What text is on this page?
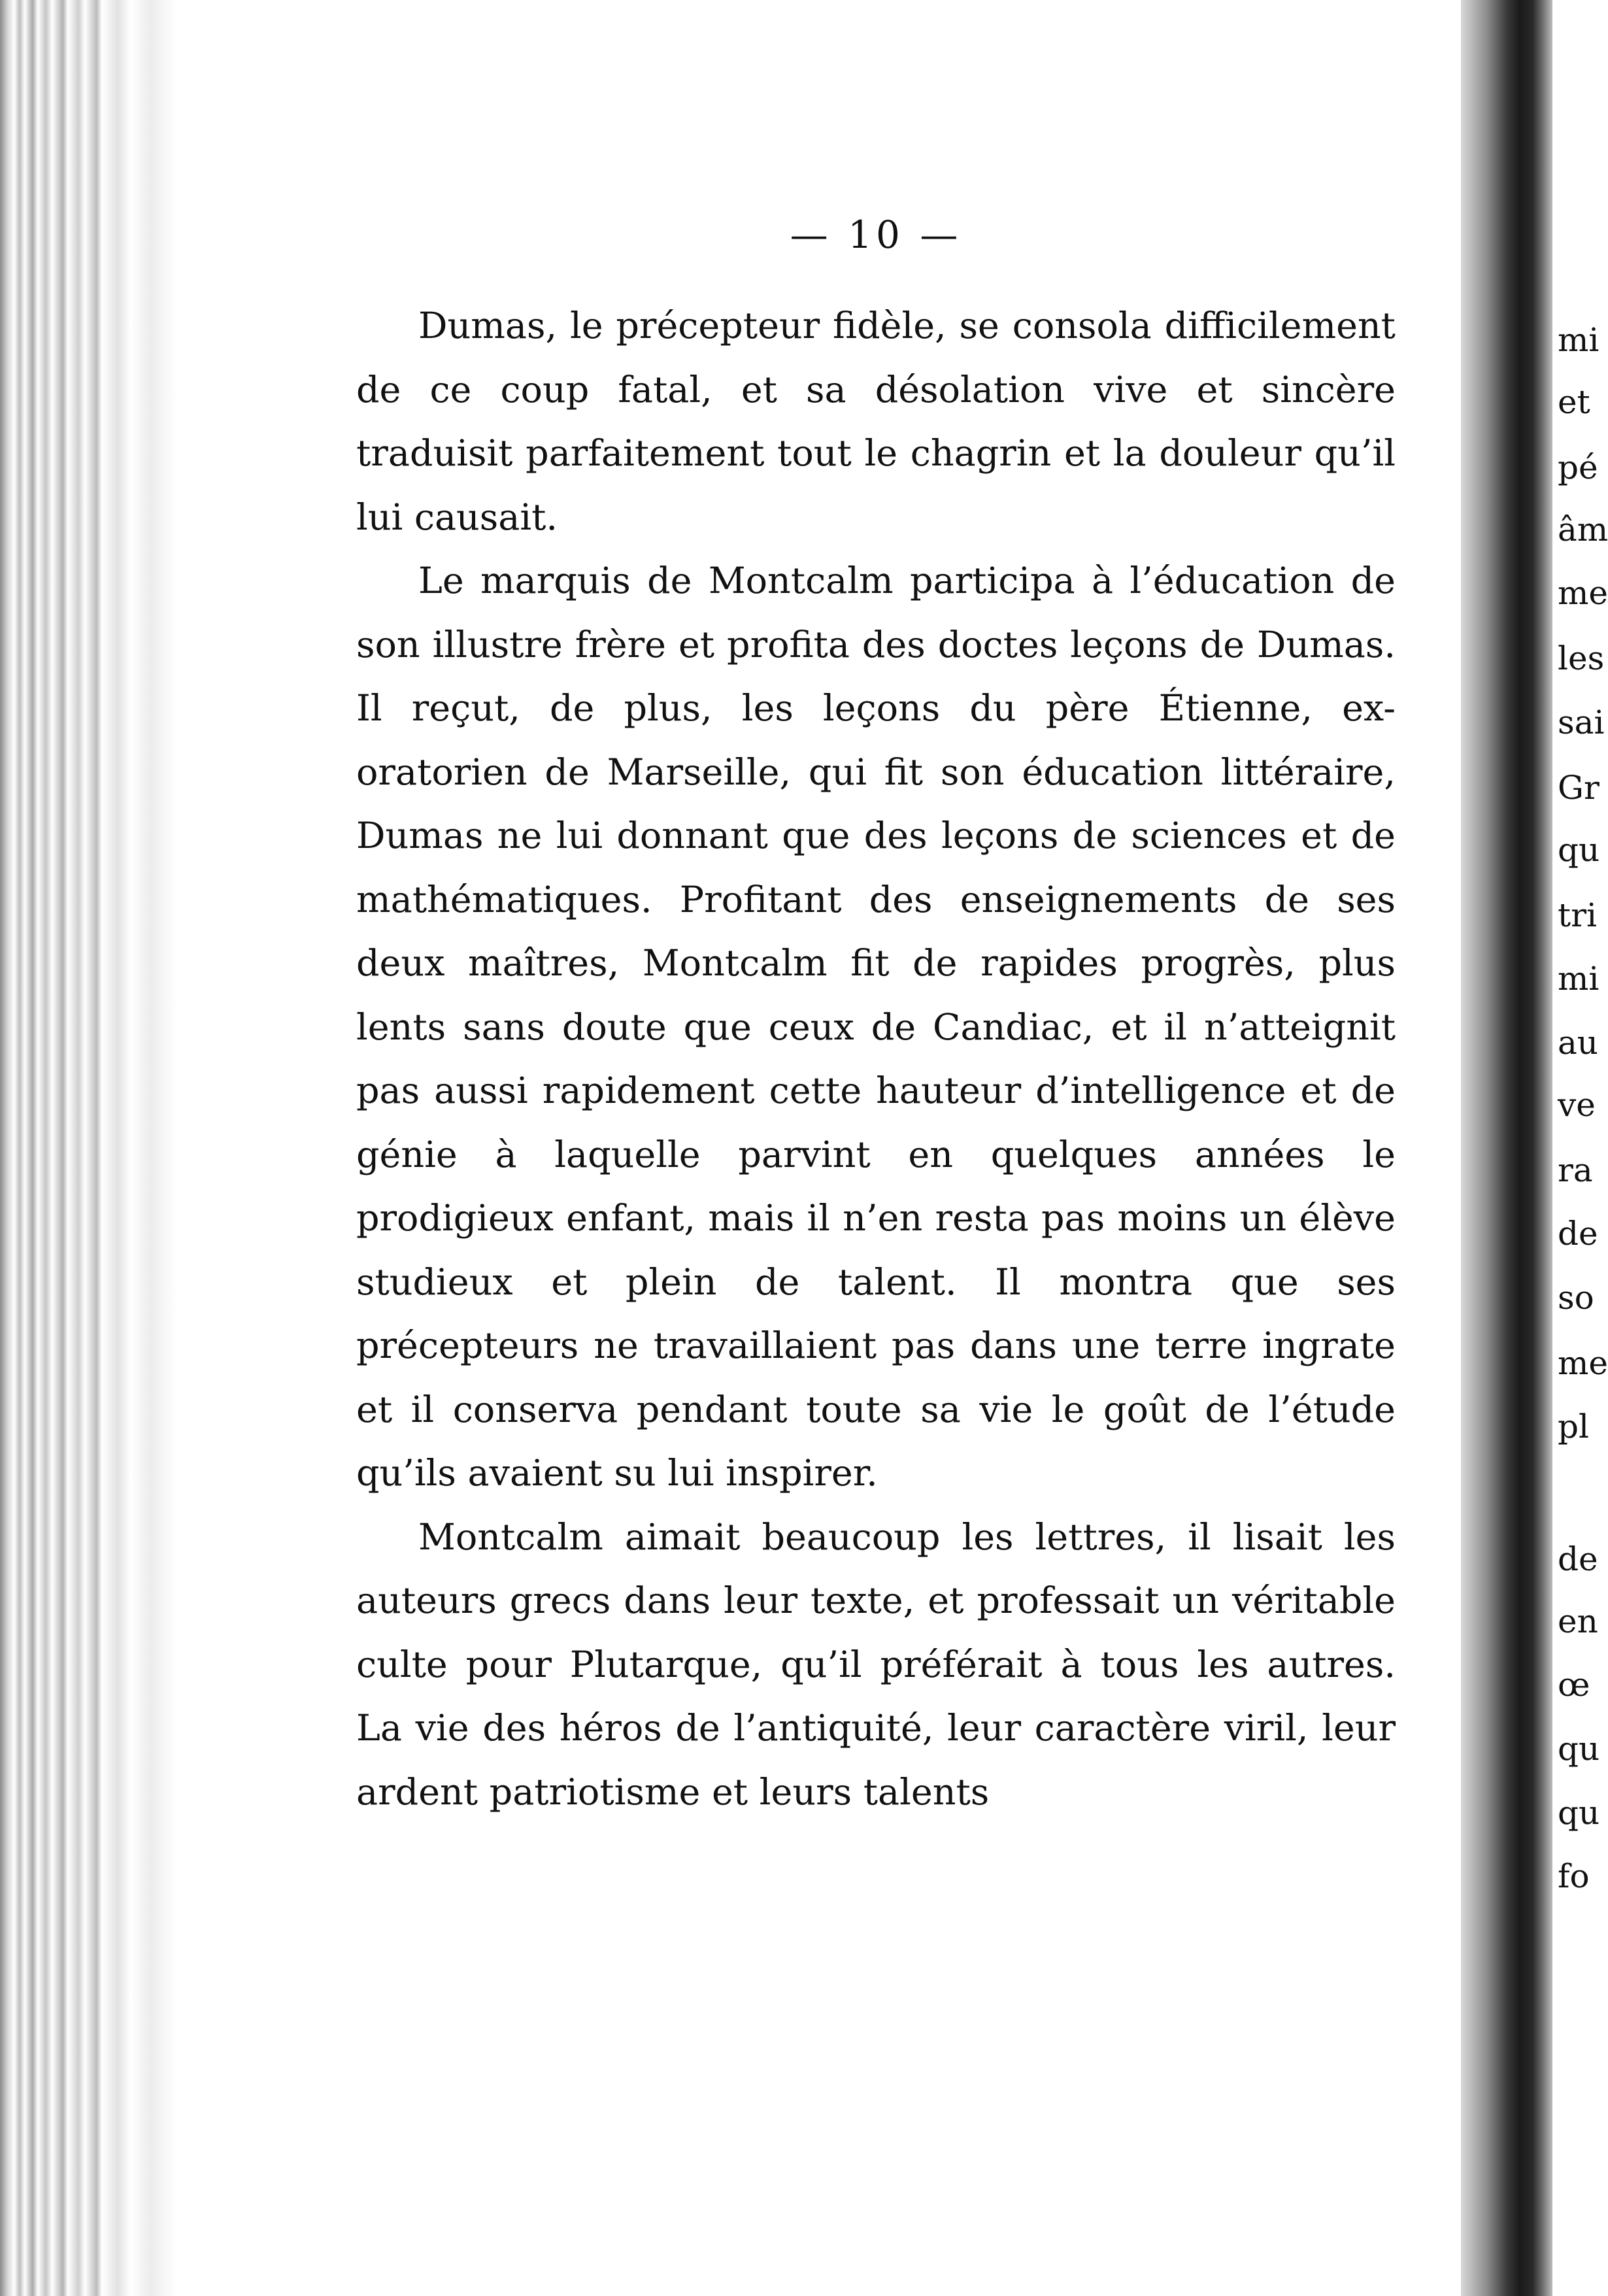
— 10 —

Dumas, le précepteur fidèle, se consola difficilement de ce coup fatal, et sa désolation vive et sincère traduisit parfaitement tout le chagrin et la douleur qu’il lui causait.

Le marquis de Montcalm participa à l’éducation de son illustre frère et profita des doctes leçons de Dumas. Il reçut, de plus, les leçons du père Étienne, ex-oratorien de Marseille, qui fit son éducation littéraire, Dumas ne lui donnant que des leçons de sciences et de mathématiques. Profitant des enseignements de ses deux maîtres, Montcalm fit de rapides progrès, plus lents sans doute que ceux de Candiac, et il n’atteignit pas aussi rapidement cette hauteur d’intelligence et de génie à laquelle parvint en quelques années le prodigieux enfant, mais il n’en resta pas moins un élève studieux et plein de talent. Il montra que ses précepteurs ne travaillaient pas dans une terre ingrate et il conserva pendant toute sa vie le goût de l’étude qu’ils avaient su lui inspirer.

Montcalm aimait beaucoup les lettres, il lisait les auteurs grecs dans leur texte, et professait un véritable culte pour Plutarque, qu’il préférait à tous les autres. La vie des héros de l’antiquité, leur caractère viril, leur ardent patriotisme et leurs talents

mi
et
pé
âm
me
les
sai
Gr
qu
tri
mi
au
ve
ra
de
so
me
pl
de
en
œ
qu
qu
fo
